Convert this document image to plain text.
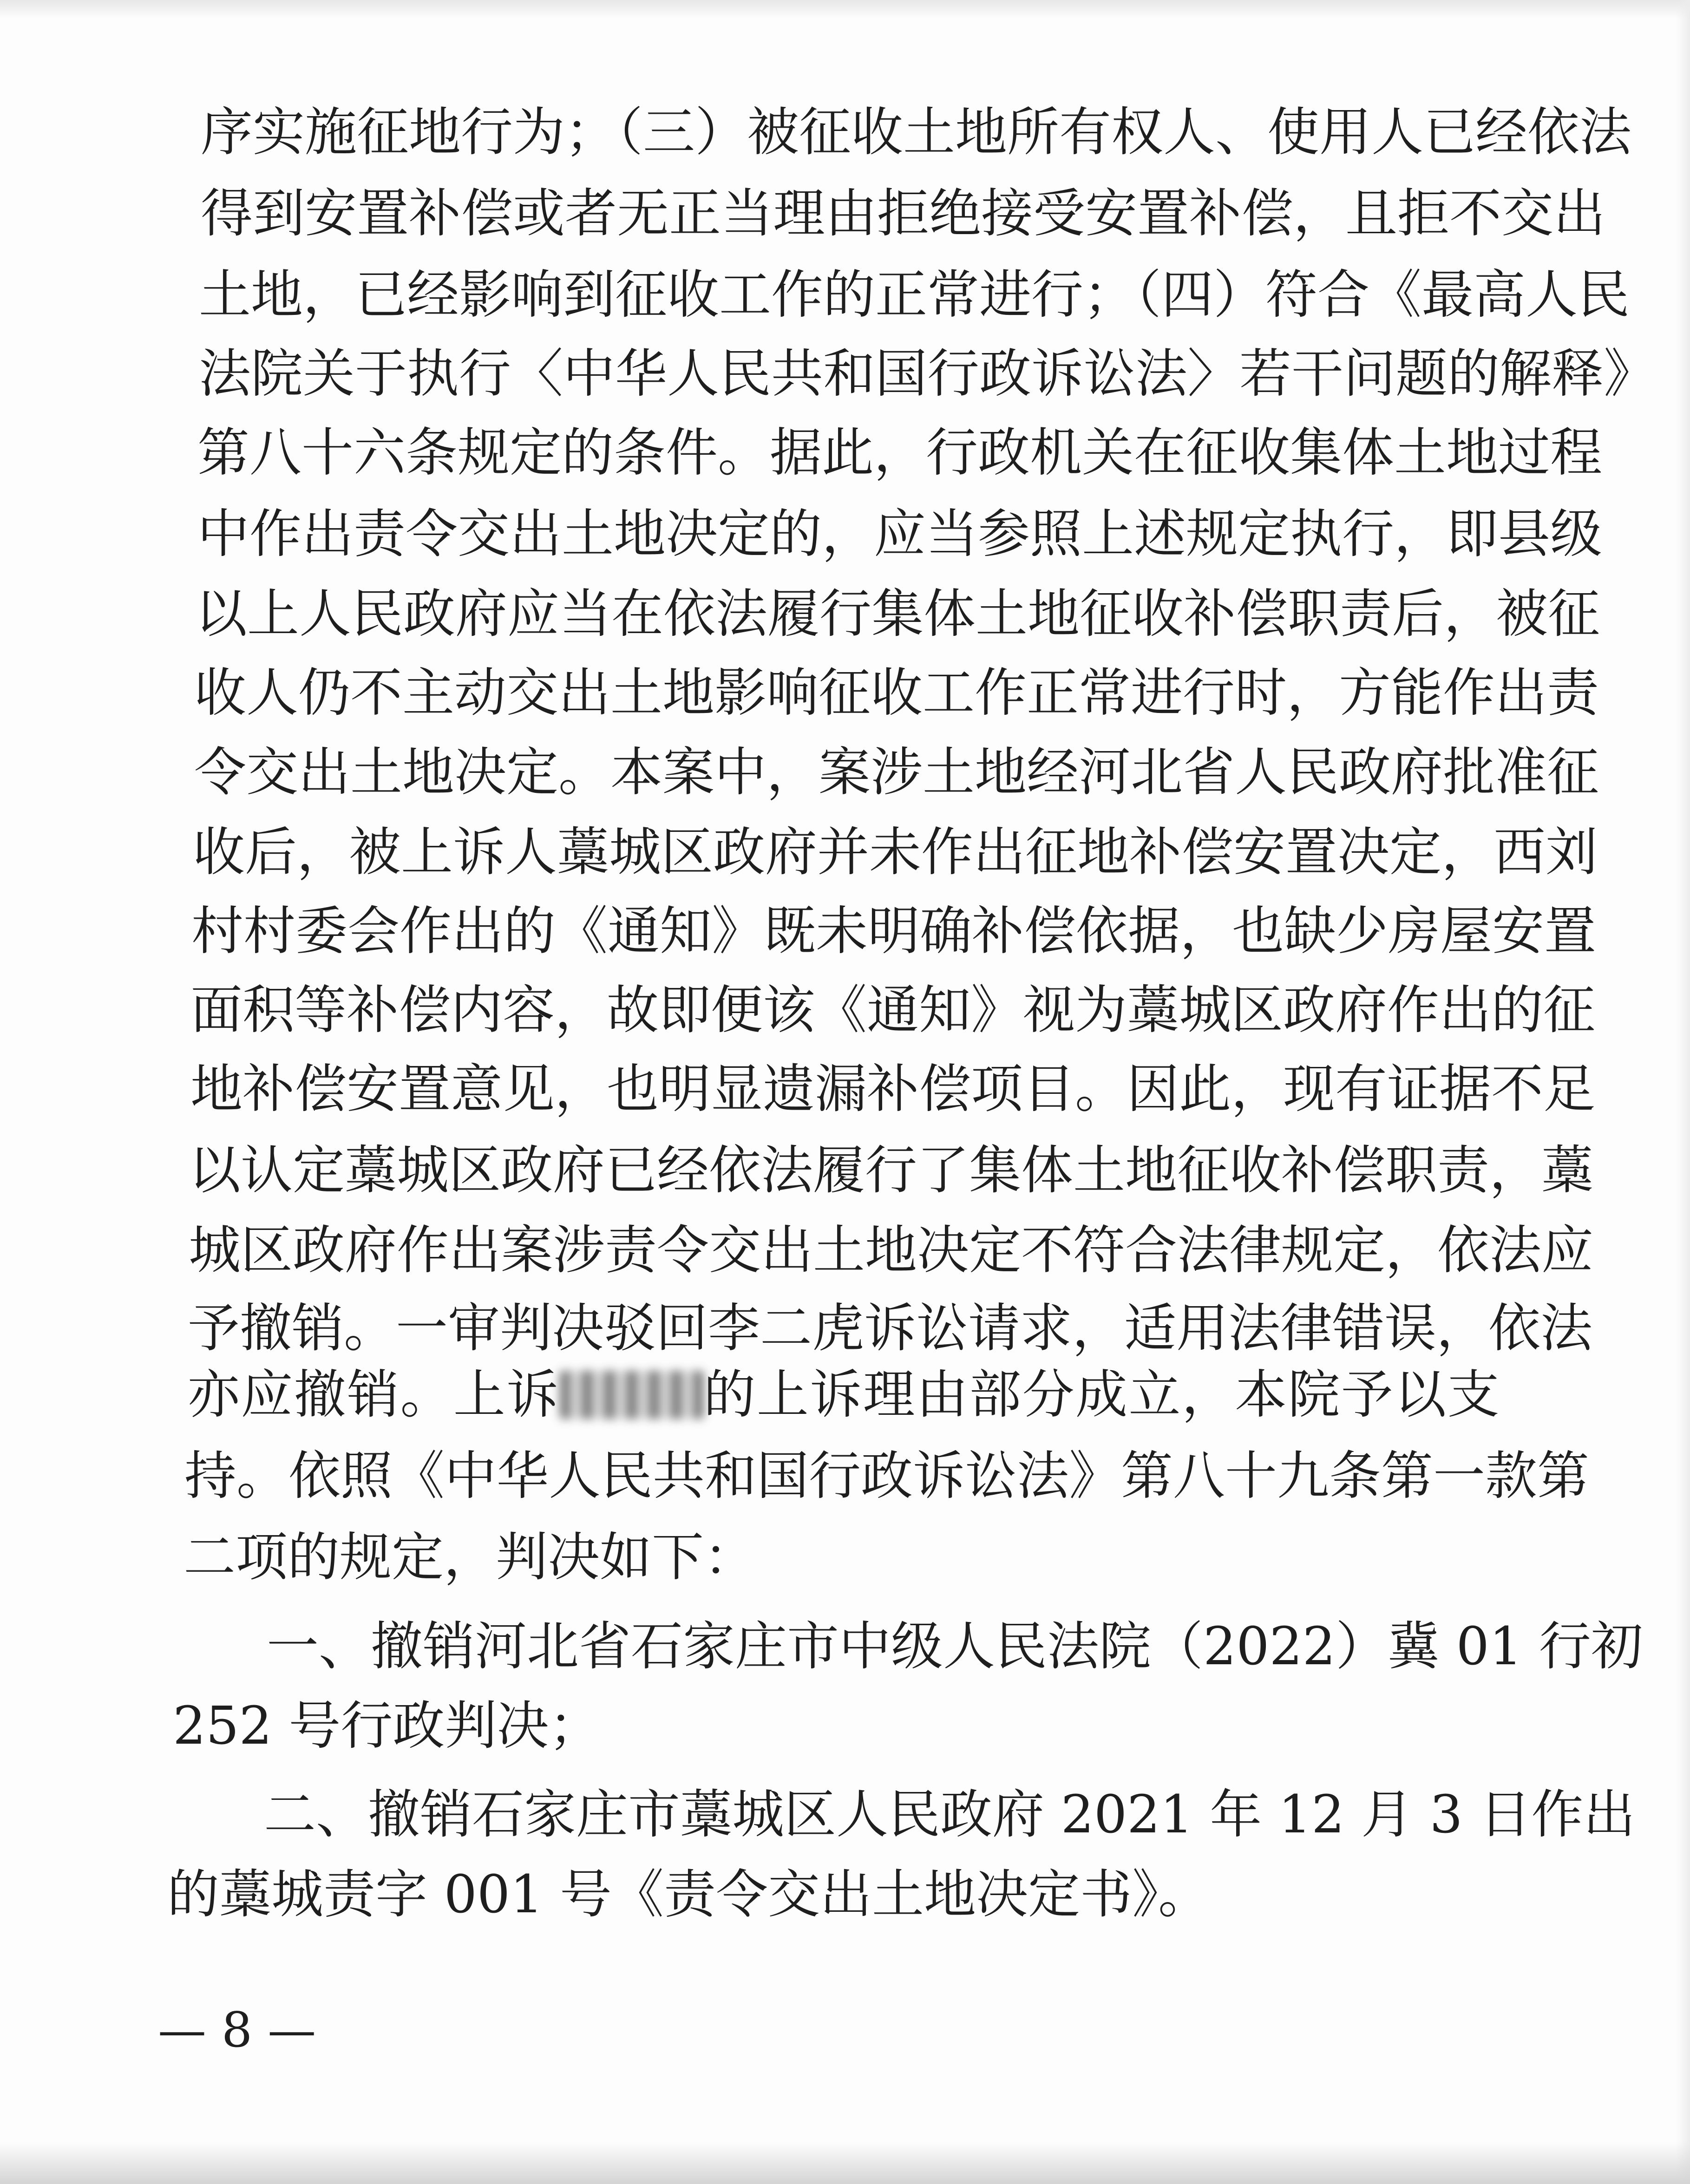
序实施征地行为；（三）被征收土地所有权人、使用人已经依法
得到安置补偿或者无正当理由拒绝接受安置补偿，且拒不交出
土地，已经影响到征收工作的正常进行；（四）符合《最高人民
法院关于执行〈中华人民共和国行政诉讼法〉若干问题的解释》
第八十六条规定的条件。据此，行政机关在征收集体土地过程
中作出责令交出土地决定的，应当参照上述规定执行，即县级
以上人民政府应当在依法履行集体土地征收补偿职责后，被征
收人仍不主动交出土地影响征收工作正常进行时，方能作出责
令交出土地决定。本案中，案涉土地经河北省人民政府批准征
收后，被上诉人藁城区政府并未作出征地补偿安置决定，西刘
村村委会作出的《通知》既未明确补偿依据，也缺少房屋安置
面积等补偿内容，故即便该《通知》视为藁城区政府作出的征
地补偿安置意见，也明显遗漏补偿项目。因此，现有证据不足
以认定藁城区政府已经依法履行了集体土地征收补偿职责，藁
城区政府作出案涉责令交出土地决定不符合法律规定，依法应
予撤销。一审判决驳回李二虎诉讼请求，适用法律错误，依法
亦应撤销。上诉	的上诉理由部分成立，本院予以支
持。依照《中华人民共和国行政诉讼法》第八十九条第一款第
二项的规定，判决如下：
一、撤销河北省石家庄市中级人民法院（2022）冀 01 行初
252 号行政判决；
二、撤销石家庄市藁城区人民政府 2021 年 12 月 3 日作出
的藁城责字 001 号《责令交出土地决定书》。
— 8 —
